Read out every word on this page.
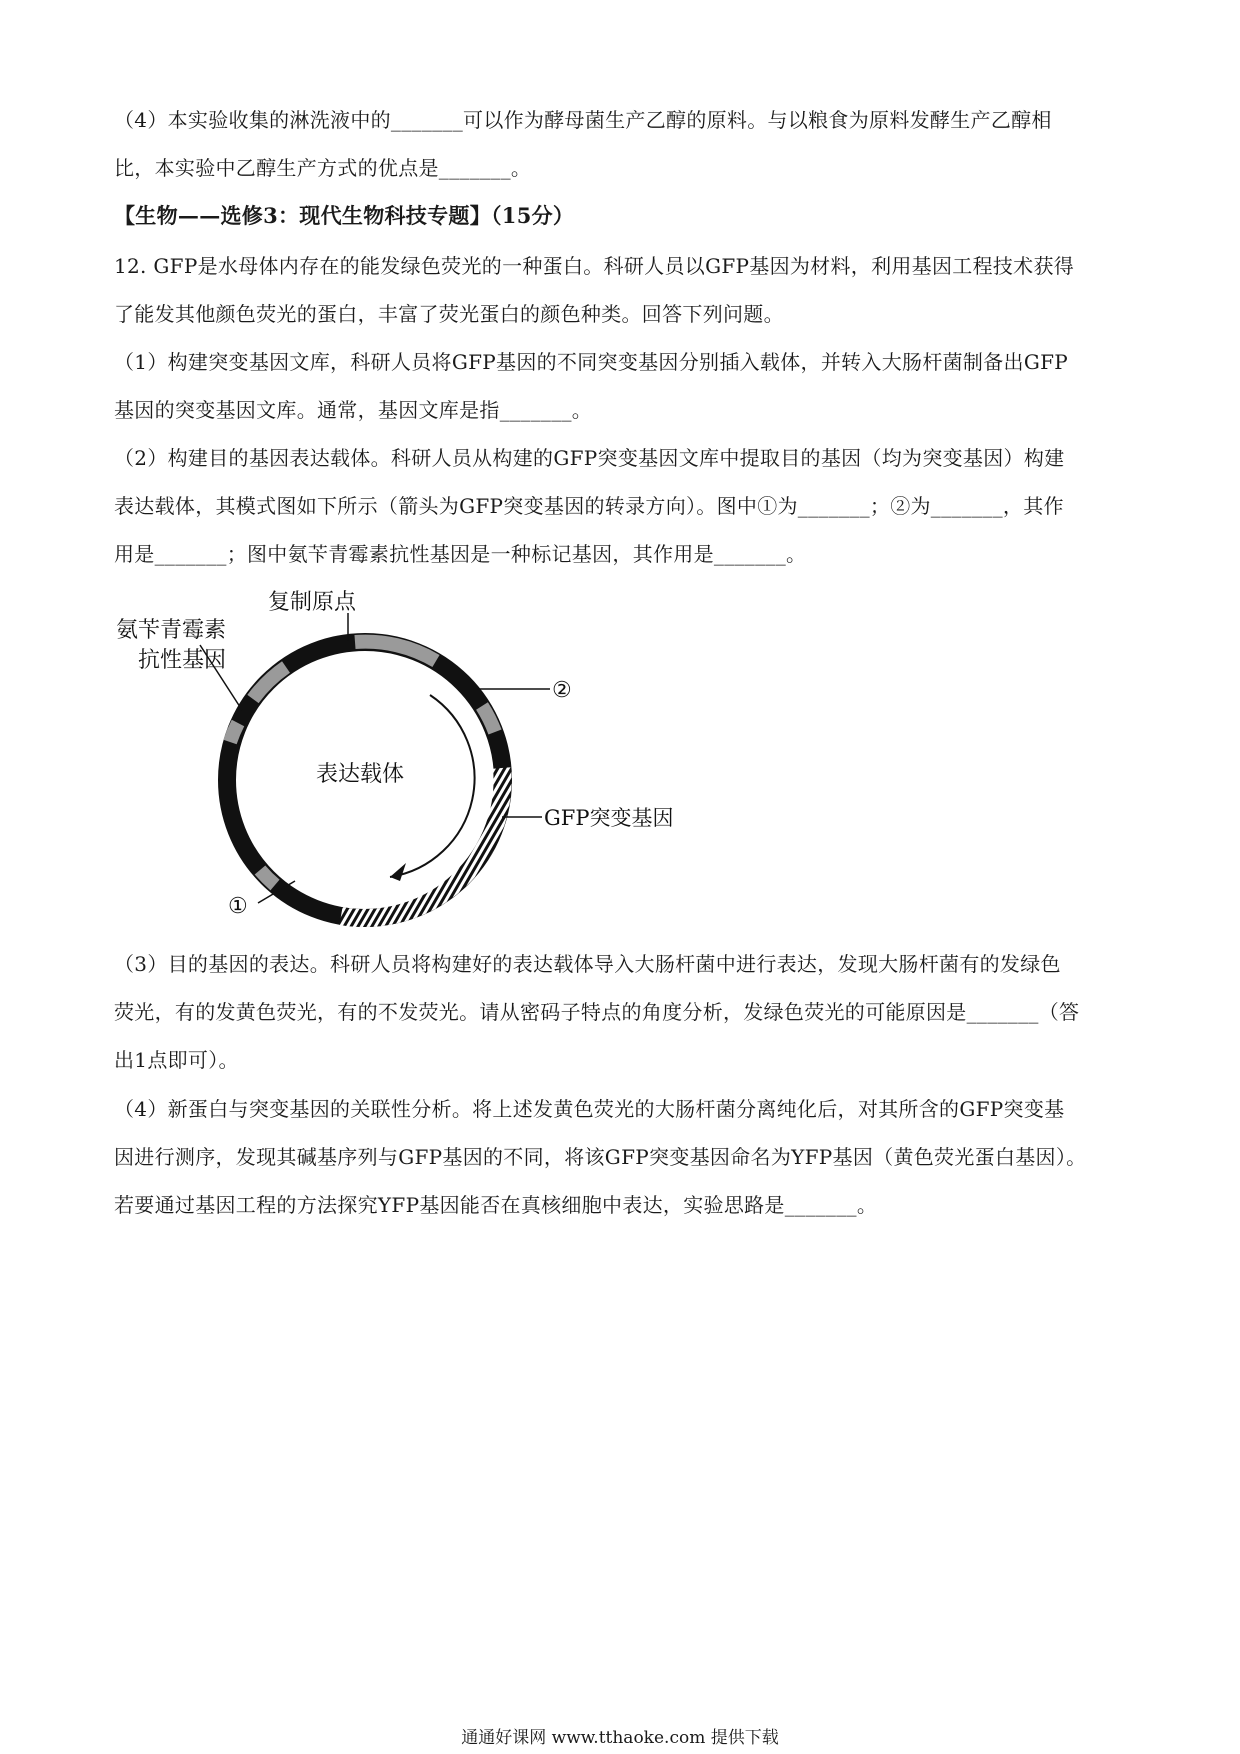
（4）本实验收集的淋洗液中的_______可以作为酵母菌生产乙醇的原料。与以粮食为原料发酵生产乙醇相
比，本实验中乙醇生产方式的优点是_______。

【生物——选修3：现代生物科技专题】（15分）

12. GFP是水母体内存在的能发绿色荧光的一种蛋白。科研人员以GFP基因为材料，利用基因工程技术获得
了能发其他颜色荧光的蛋白，丰富了荧光蛋白的颜色种类。回答下列问题。

（1）构建突变基因文库，科研人员将GFP基因的不同突变基因分别插入载体，并转入大肠杆菌制备出GFP
基因的突变基因文库。通常，基因文库是指_______。

（2）构建目的基因表达载体。科研人员从构建的GFP突变基因文库中提取目的基因（均为突变基因）构建
表达载体，其模式图如下所示（箭头为GFP突变基因的转录方向）。图中①为_______；②为_______，其作
用是_______；图中氨苄青霉素抗性基因是一种标记基因，其作用是_______。

复制原点
氨苄青霉素
抗性基因
表达载体
②
GFP突变基因
①

（3）目的基因的表达。科研人员将构建好的表达载体导入大肠杆菌中进行表达，发现大肠杆菌有的发绿色
荧光，有的发黄色荧光，有的不发荧光。请从密码子特点的角度分析，发绿色荧光的可能原因是_______（答
出1点即可）。

（4）新蛋白与突变基因的关联性分析。将上述发黄色荧光的大肠杆菌分离纯化后，对其所含的GFP突变基
因进行测序，发现其碱基序列与GFP基因的不同，将该GFP突变基因命名为YFP基因（黄色荧光蛋白基因）。
若要通过基因工程的方法探究YFP基因能否在真核细胞中表达，实验思路是_______。

通通好课网 www.tthaoke.com 提供下载
